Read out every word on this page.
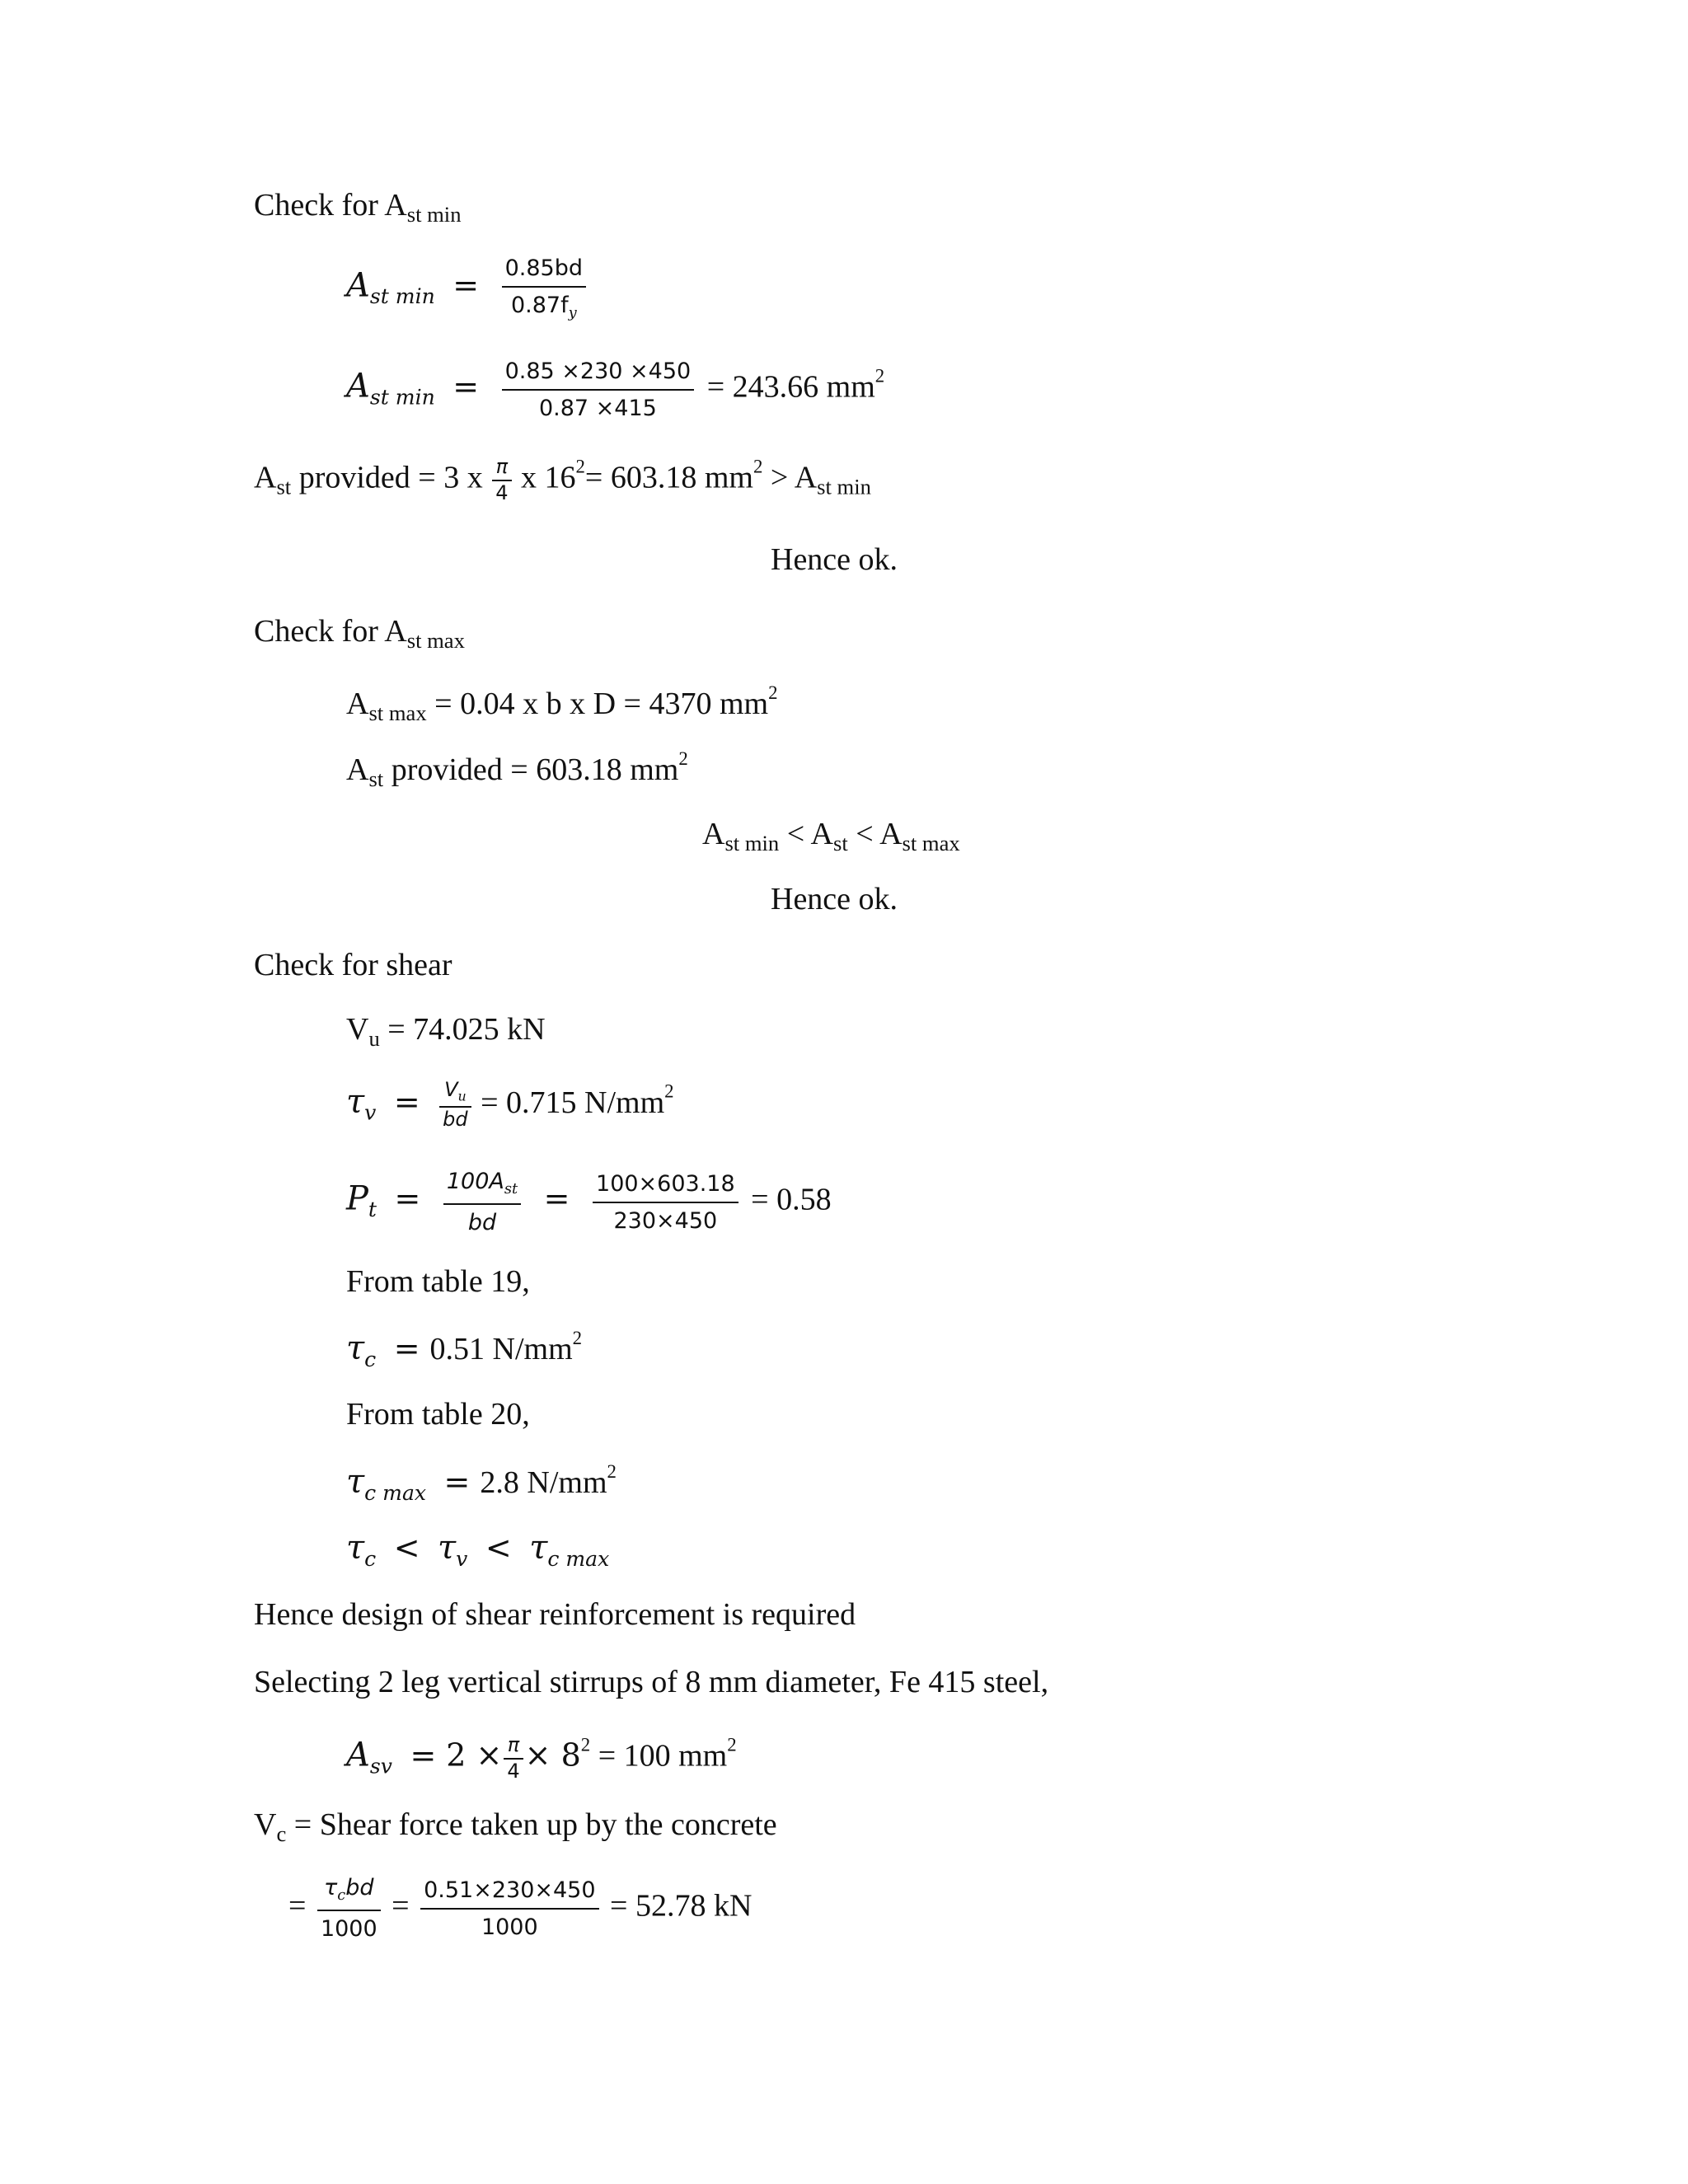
Check for $A_{st min}$
$A_{st min} = \frac{0.85bd}{0.87f_y}$
$A_{st min} = \frac{0.85 \times 230 \times 450}{0.87 \times 415} = 243.66$ $mm^2$
$A_{st}$ provided = 3 x $\frac{\pi}{4}$ x $16^2= 603.18$ $mm^2 > A_{st min}$
Hence ok.
Check for $A_{st max}$
$A_{st max} = 0.04$ x b x D = 4370 $mm^2$
$A_{st}$ provided = 603.18 $mm^2$
$A_{st min} < A_{st} < A_{st max}$
Hence ok.
Check for shear
$V_u = 74.025$ kN
$\tau_v = \frac{V_u}{bd} = 0.715$ $N/mm^2$
$P_t = \frac{100A_{st}}{bd} = \frac{100\times 603.18}{230\times 450} = 0.58$
From table 19,
$\tau_c = 0.51$ $N/mm^2$
From table 20,
$\tau_{c max} = 2.8$ $N/mm^2$
$\tau_c < \tau_v < \tau_{c max}$
Hence design of shear reinforcement is required
Selecting 2 leg vertical stirrups of 8 mm diameter, Fe 415 steel,
$A_{sv} = 2 \times \frac{\pi}{4} \times 8^2 = 100$ $mm^2$
$V_c$ = Shear force taken up by the concrete
= $\frac{\tau_cbd}{1000} = \frac{0.51\times 230\times 450}{1000} = 52.78$ kN
